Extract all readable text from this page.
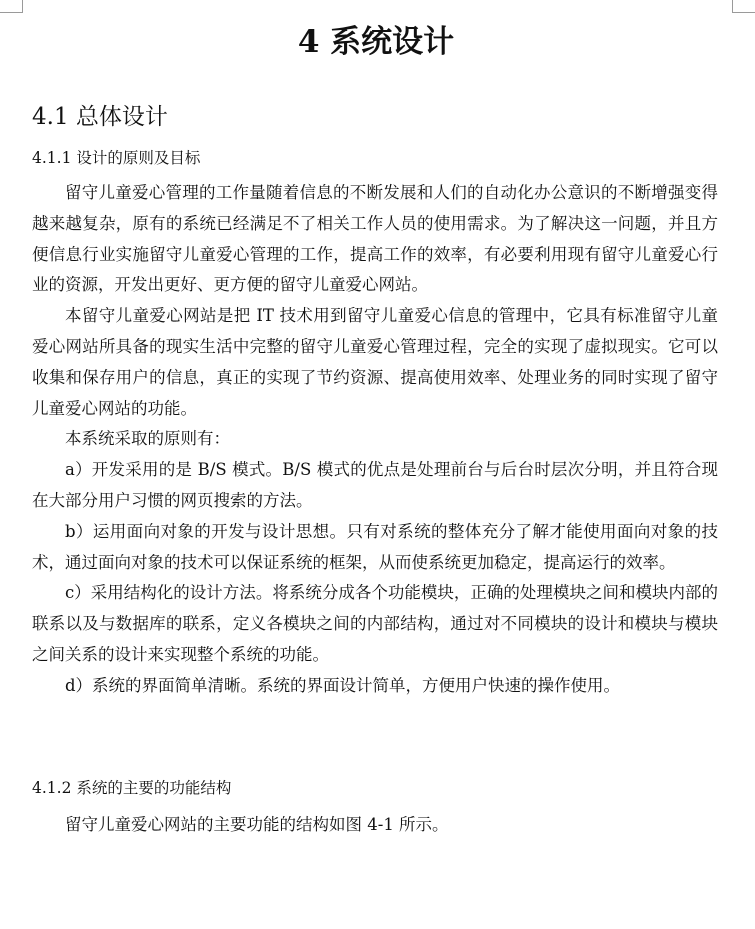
4 系统设计
4.1 总体设计
4.1.1 设计的原则及目标

留守儿童爱心管理的工作量随着信息的不断发展和人们的自动化办公意识的不断增强变得越来越复杂，原有的系统已经满足不了相关工作人员的使用需求。为了解决这一问题，并且方便信息行业实施留守儿童爱心管理的工作，提高工作的效率，有必要利用现有留守儿童爱心行业的资源，开发出更好、更方便的留守儿童爱心网站。

本留守儿童爱心网站是把 IT 技术用到留守儿童爱心信息的管理中，它具有标准留守儿童爱心网站所具备的现实生活中完整的留守儿童爱心管理过程，完全的实现了虚拟现实。它可以收集和保存用户的信息，真正的实现了节约资源、提高使用效率、处理业务的同时实现了留守儿童爱心网站的功能。

本系统采取的原则有：

a）开发采用的是 B/S 模式。B/S 模式的优点是处理前台与后台时层次分明，并且符合现在大部分用户习惯的网页搜索的方法。

b）运用面向对象的开发与设计思想。只有对系统的整体充分了解才能使用面向对象的技术，通过面向对象的技术可以保证系统的框架，从而使系统更加稳定，提高运行的效率。

c）采用结构化的设计方法。将系统分成各个功能模块，正确的处理模块之间和模块内部的联系以及与数据库的联系，定义各模块之间的内部结构，通过对不同模块的设计和模块与模块之间关系的设计来实现整个系统的功能。

d）系统的界面简单清晰。系统的界面设计简单，方便用户快速的操作使用。

4.1.2 系统的主要的功能结构

留守儿童爱心网站的主要功能的结构如图 4-1 所示。
